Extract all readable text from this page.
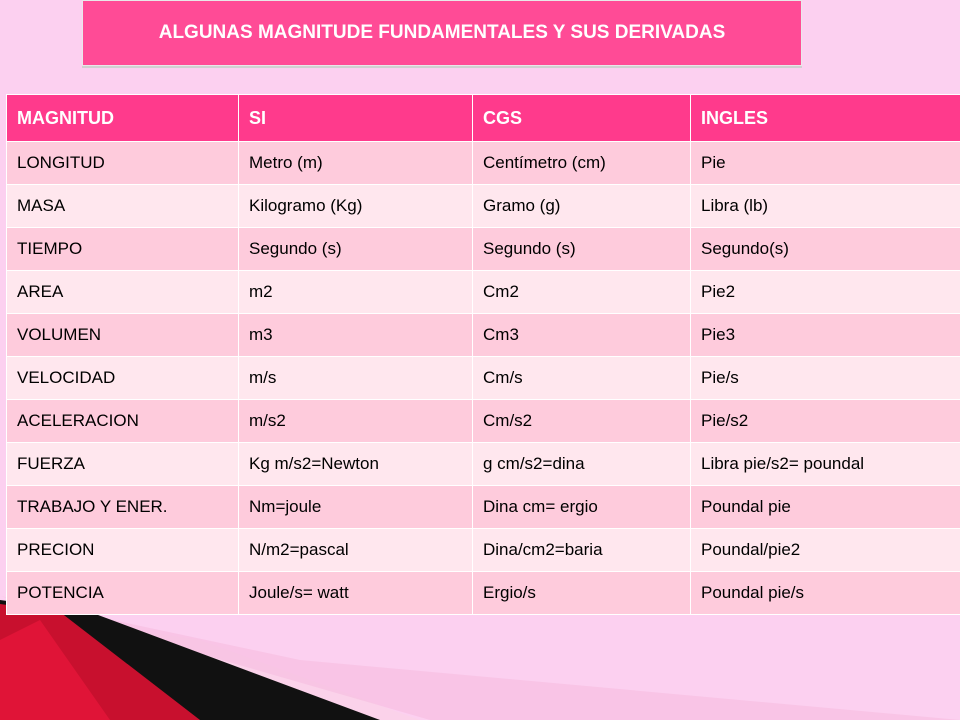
ALGUNAS MAGNITUDE FUNDAMENTALES Y SUS DERIVADAS
MAGNITUD	SI	CGS	INGLES
LONGITUD	Metro (m)	Centímetro (cm)	Pie
MASA	Kilogramo (Kg)	Gramo (g)	Libra (lb)
TIEMPO	Segundo (s)	Segundo (s)	Segundo(s)
AREA	m2	Cm2	Pie2
VOLUMEN	m3	Cm3	Pie3
VELOCIDAD	m/s	Cm/s	Pie/s
ACELERACION	m/s2	Cm/s2	Pie/s2
FUERZA	Kg m/s2=Newton	g cm/s2=dina	Libra pie/s2= poundal
TRABAJO Y ENER.	Nm=joule	Dina cm= ergio	Poundal pie
PRECION	N/m2=pascal	Dina/cm2=baria	Poundal/pie2
POTENCIA	Joule/s= watt	Ergio/s	Poundal pie/s
